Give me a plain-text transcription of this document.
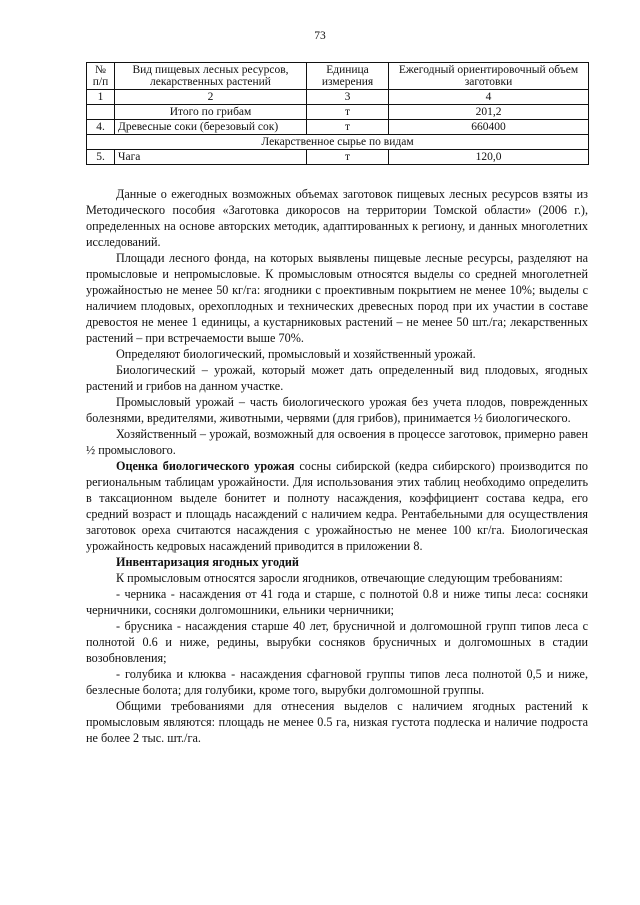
73
№ п/п	Вид пищевых лесных ресурсов, лекарственных растений	Единица измерения	Ежегодный ориентировочный объем заготовки
1	2	3	4
	Итого по грибам	т	201,2
4.	Древесные соки (березовый сок)	т	660400
Лекарственное сырье по видам			
5.	Чага	т	120,0

Данные о ежегодных возможных объемах заготовок пищевых лесных ресурсов взяты из Методического пособия «Заготовка дикоросов на территории Томской области» (2006 г.), определенных на основе авторских методик, адаптированных к региону, и данных многолетних исследований.

Площади лесного фонда, на которых выявлены пищевые лесные ресурсы, разделяют на промысловые и непромысловые. К промысловым относятся выделы со средней многолетней урожайностью не менее 50 кг/га: ягодники с проективным покрытием не менее 10%; выделы с наличием плодовых, орехоплодных и технических древесных пород при их участии в составе древостоя не менее 1 единицы, а кустарниковых растений – не менее 50 шт./га; лекарственных растений – при встречаемости выше 70%.

Определяют биологический, промысловый и хозяйственный урожай.

Биологический – урожай, который может дать определенный вид плодовых, ягодных растений и грибов на данном участке.

Промысловый урожай – часть биологического урожая без учета плодов, поврежденных болезнями, вредителями, животными, червями (для грибов), принимается ½ биологического.

Хозяйственный – урожай, возможный для освоения в процессе заготовок, примерно равен ½ промыслового.

Оценка биологического урожая сосны сибирской (кедра сибирского) производится по региональным таблицам урожайности. Для использования этих таблиц необходимо определить в таксационном выделе бонитет и полноту насаждения, коэффициент состава кедра, его средний возраст и площадь насаждений с наличием кедра. Рентабельными для осуществления заготовок ореха считаются насаждения с урожайностью не менее 100 кг/га. Биологическая урожайность кедровых насаждений приводится в приложении 8.

Инвентаризация ягодных угодий

К промысловым относятся заросли ягодников, отвечающие следующим требованиям:

- черника - насаждения от 41 года и старше, с полнотой 0.8 и ниже типы леса: сосняки черничники, сосняки долгомошники, ельники черничники;

- брусника - насаждения старше 40 лет, брусничной и долгомошной групп типов леса с полнотой 0.6 и ниже, редины, вырубки сосняков брусничных и долгомошных в стадии возобновления;

- голубика и клюква - насаждения сфагновой группы типов леса полнотой 0,5 и ниже, безлесные болота; для голубики, кроме того, вырубки долгомошной группы.

Общими требованиями для отнесения выделов с наличием ягодных растений к промысловым являются: площадь не менее 0.5 га, низкая густота подлеска и наличие подроста не более 2 тыс. шт./га.
